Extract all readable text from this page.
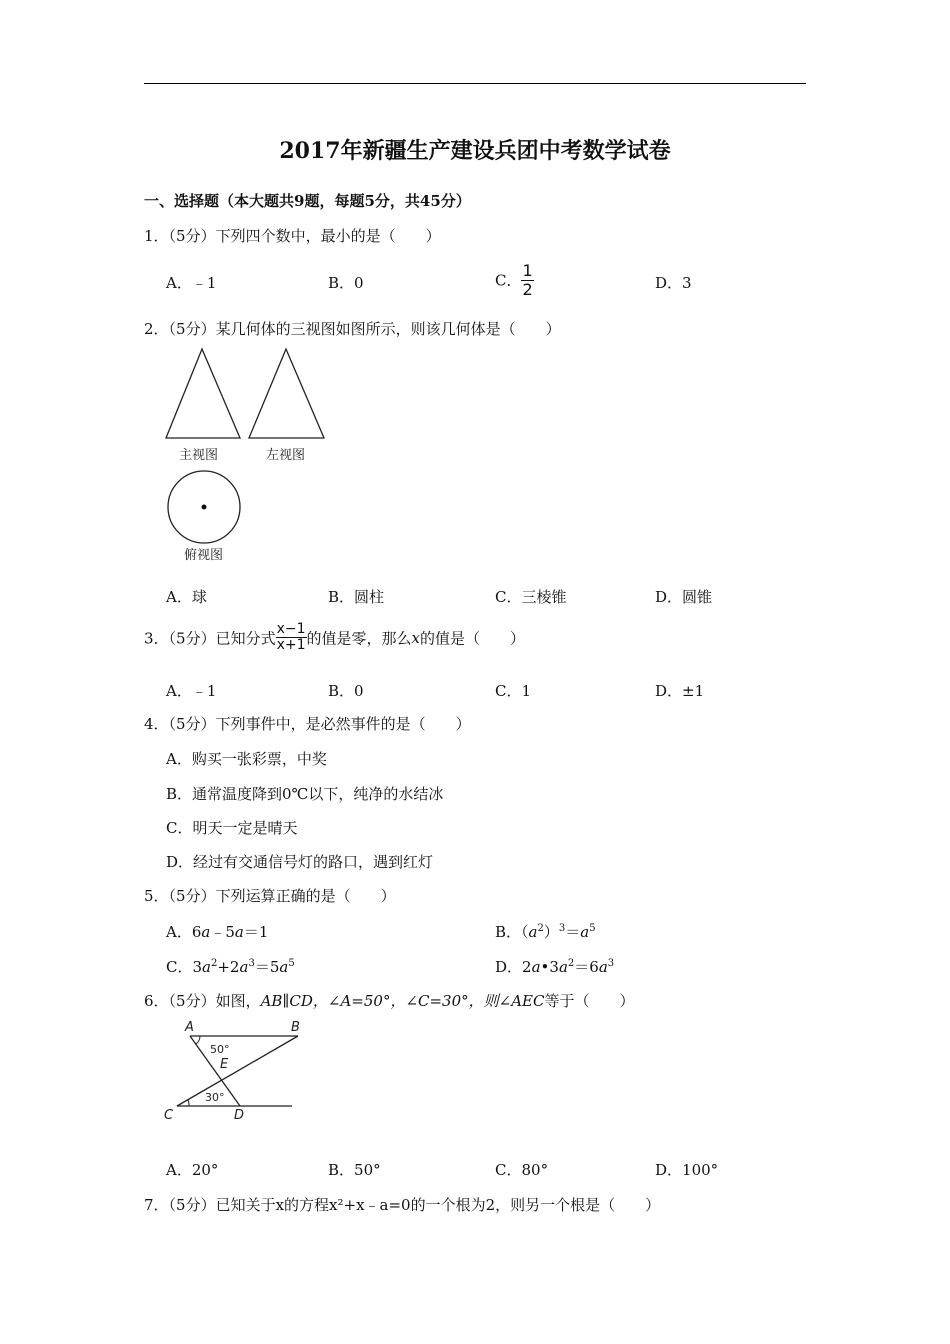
2017年新疆生产建设兵团中考数学试卷
一、选择题（本大题共9题，每题5分，共45分）
1．（5分）下列四个数中，最小的是（　　）
A．﹣1	B．0	C． $\frac{1}{2}$	D．3
2．（5分）某几何体的三视图如图所示，则该几何体是（　　）
主视图	左视图
俯视图
A．球	B．圆柱	C．三棱锥	D．圆锥
3．（5分）已知分式 $\frac{x-1}{x+1}$ 的值是零，那么x的值是（　　）
A．﹣1	B．0	C．1	D．±1
4．（5分）下列事件中，是必然事件的是（　　）
A．购买一张彩票，中奖
B．通常温度降到0℃以下，纯净的水结冰
C．明天一定是晴天
D．经过有交通信号灯的路口，遇到红灯
5．（5分）下列运算正确的是（　　）
A．6a﹣5a＝1	B．$(a^2)^3=a^5$
C．$3a^2+2a^3=5a^5$	D．$2a•3a^2=6a^3$
6．（5分）如图，AB∥CD，∠A=50°，∠C=30°，则∠AEC等于（　　）
A	B
C	D
E
50°
30°
A．20°	B．50°	C．80°	D．100°
7．（5分）已知关于x的方程x²+x﹣a=0的一个根为2，则另一个根是（　　）
